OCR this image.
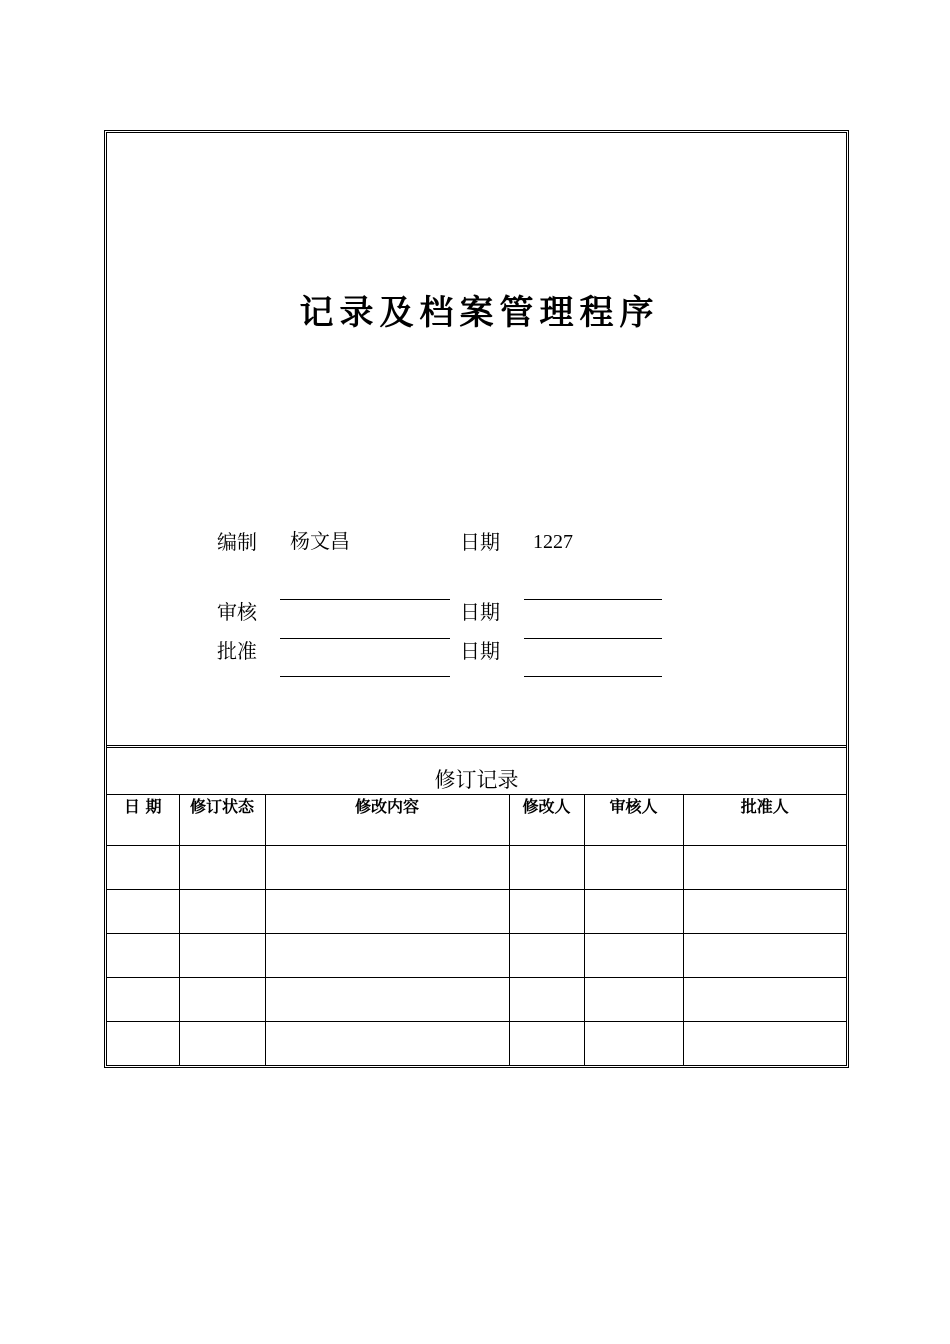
记录及档案管理程序
编制 杨文昌	日期 1227
审核	日期
批准	日期
修订记录
日 期	修订状态	修改内容	修改人	审核人	批准人
